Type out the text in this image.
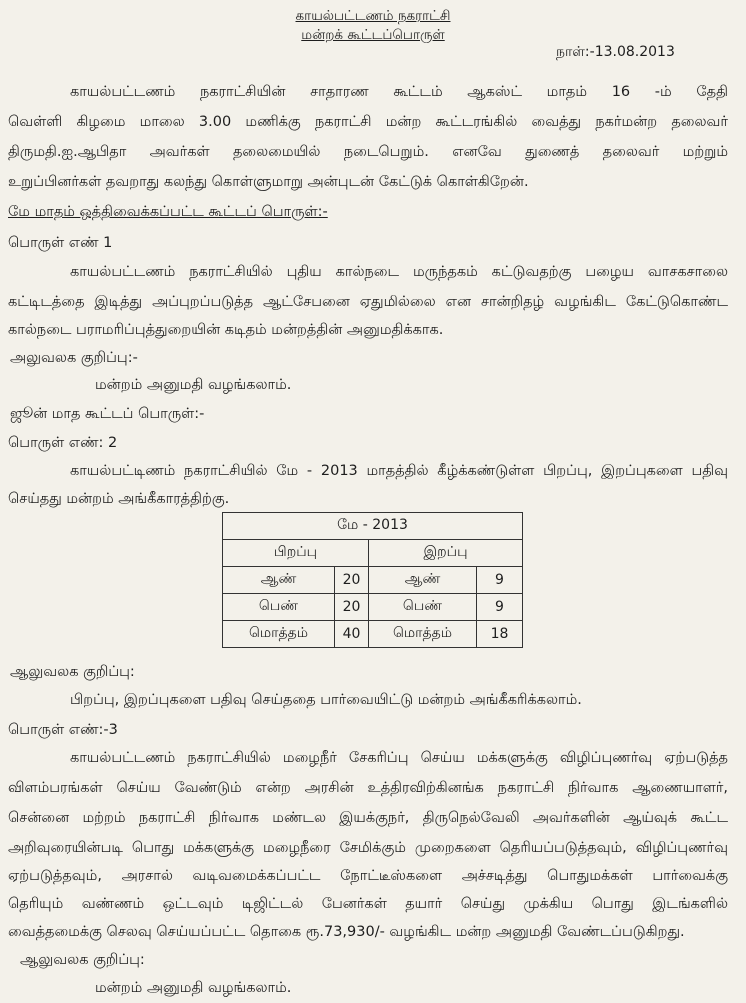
காயல்பட்டணம் நகராட்சி
மன்றக் கூட்டப்பொருள்
நாள்:-13.08.2013
காயல்பட்டணம் நகராட்சியின் சாதாரண கூட்டம் ஆகஸ்ட் மாதம் 16 -ம் தேதி
வெள்ளி கிழமை மாலை 3.00 மணிக்கு நகராட்சி மன்ற கூட்டரங்கில் வைத்து நகர்மன்ற தலைவர்
திருமதி.ஐ.ஆபிதா அவர்கள் தலைமையில் நடைபெறும். எனவே துணைத் தலைவர் மற்றும்
உறுப்பினர்கள் தவறாது கலந்து கொள்ளுமாறு அன்புடன் கேட்டுக் கொள்கிறேன்.
மே மாதம் ஒத்திவைக்கப்பட்ட கூட்டப் பொருள்:-
பொருள் எண் 1
காயல்பட்டணம் நகராட்சியில் புதிய கால்நடை மருந்தகம் கட்டுவதற்கு பழைய வாசகசாலை
கட்டிடத்தை இடித்து அப்புறப்படுத்த ஆட்சேபனை ஏதுமில்லை என சான்றிதழ் வழங்கிட கேட்டுகொண்ட
கால்நடை பராமரிப்புத்துறையின் கடிதம் மன்றத்தின் அனுமதிக்காக.
அலுவலக குறிப்பு:-
மன்றம் அனுமதி வழங்கலாம்.
ஜூன் மாத கூட்டப் பொருள்:-
பொருள் எண்: 2
காயல்பட்டிணம் நகராட்சியில் மே - 2013 மாதத்தில் கீழ்க்கண்டுள்ள பிறப்பு, இறப்புகளை பதிவு
செய்தது மன்றம் அங்கீகாரத்திற்கு.
மே - 2013			
பிறப்பு		இறப்பு	
ஆண்	20	ஆண்	9
பெண்	20	பெண்	9
மொத்தம்	40	மொத்தம்	18
ஆலுவலக குறிப்பு:
பிறப்பு, இறப்புகளை பதிவு செய்ததை பார்வையிட்டு மன்றம் அங்கீகரிக்கலாம்.
பொருள் எண்:-3
காயல்பட்டணம் நகராட்சியில் மழைநீர் சேகரிப்பு செய்ய மக்களுக்கு விழிப்புணர்வு ஏற்படுத்த
விளம்பரங்கள் செய்ய வேண்டும் என்ற அரசின் உத்திரவிற்கினங்க நகராட்சி நிர்வாக ஆணையாளர்,
சென்னை மற்றம் நகராட்சி நிர்வாக மண்டல இயக்குநர், திருநெல்வேலி அவர்களின் ஆய்வுக் கூட்ட
அறிவுரையின்படி பொது மக்களுக்கு மழைநீரை சேமிக்கும் முறைகளை தெரியப்படுத்தவும், விழிப்புணர்வு
ஏற்படுத்தவும், அரசால் வடிவமைக்கப்பட்ட நோட்டீஸ்களை அச்சடித்து பொதுமக்கள் பார்வைக்கு
தெரியும் வண்ணம் ஒட்டவும் டிஜிட்டல் பேனர்கள் தயார் செய்து முக்கிய பொது இடங்களில்
வைத்தமைக்கு செலவு செய்யப்பட்ட தொகை ரூ.73,930/- வழங்கிட மன்ற அனுமதி வேண்டப்படுகிறது.
ஆலுவலக குறிப்பு:
மன்றம் அனுமதி வழங்கலாம்.
